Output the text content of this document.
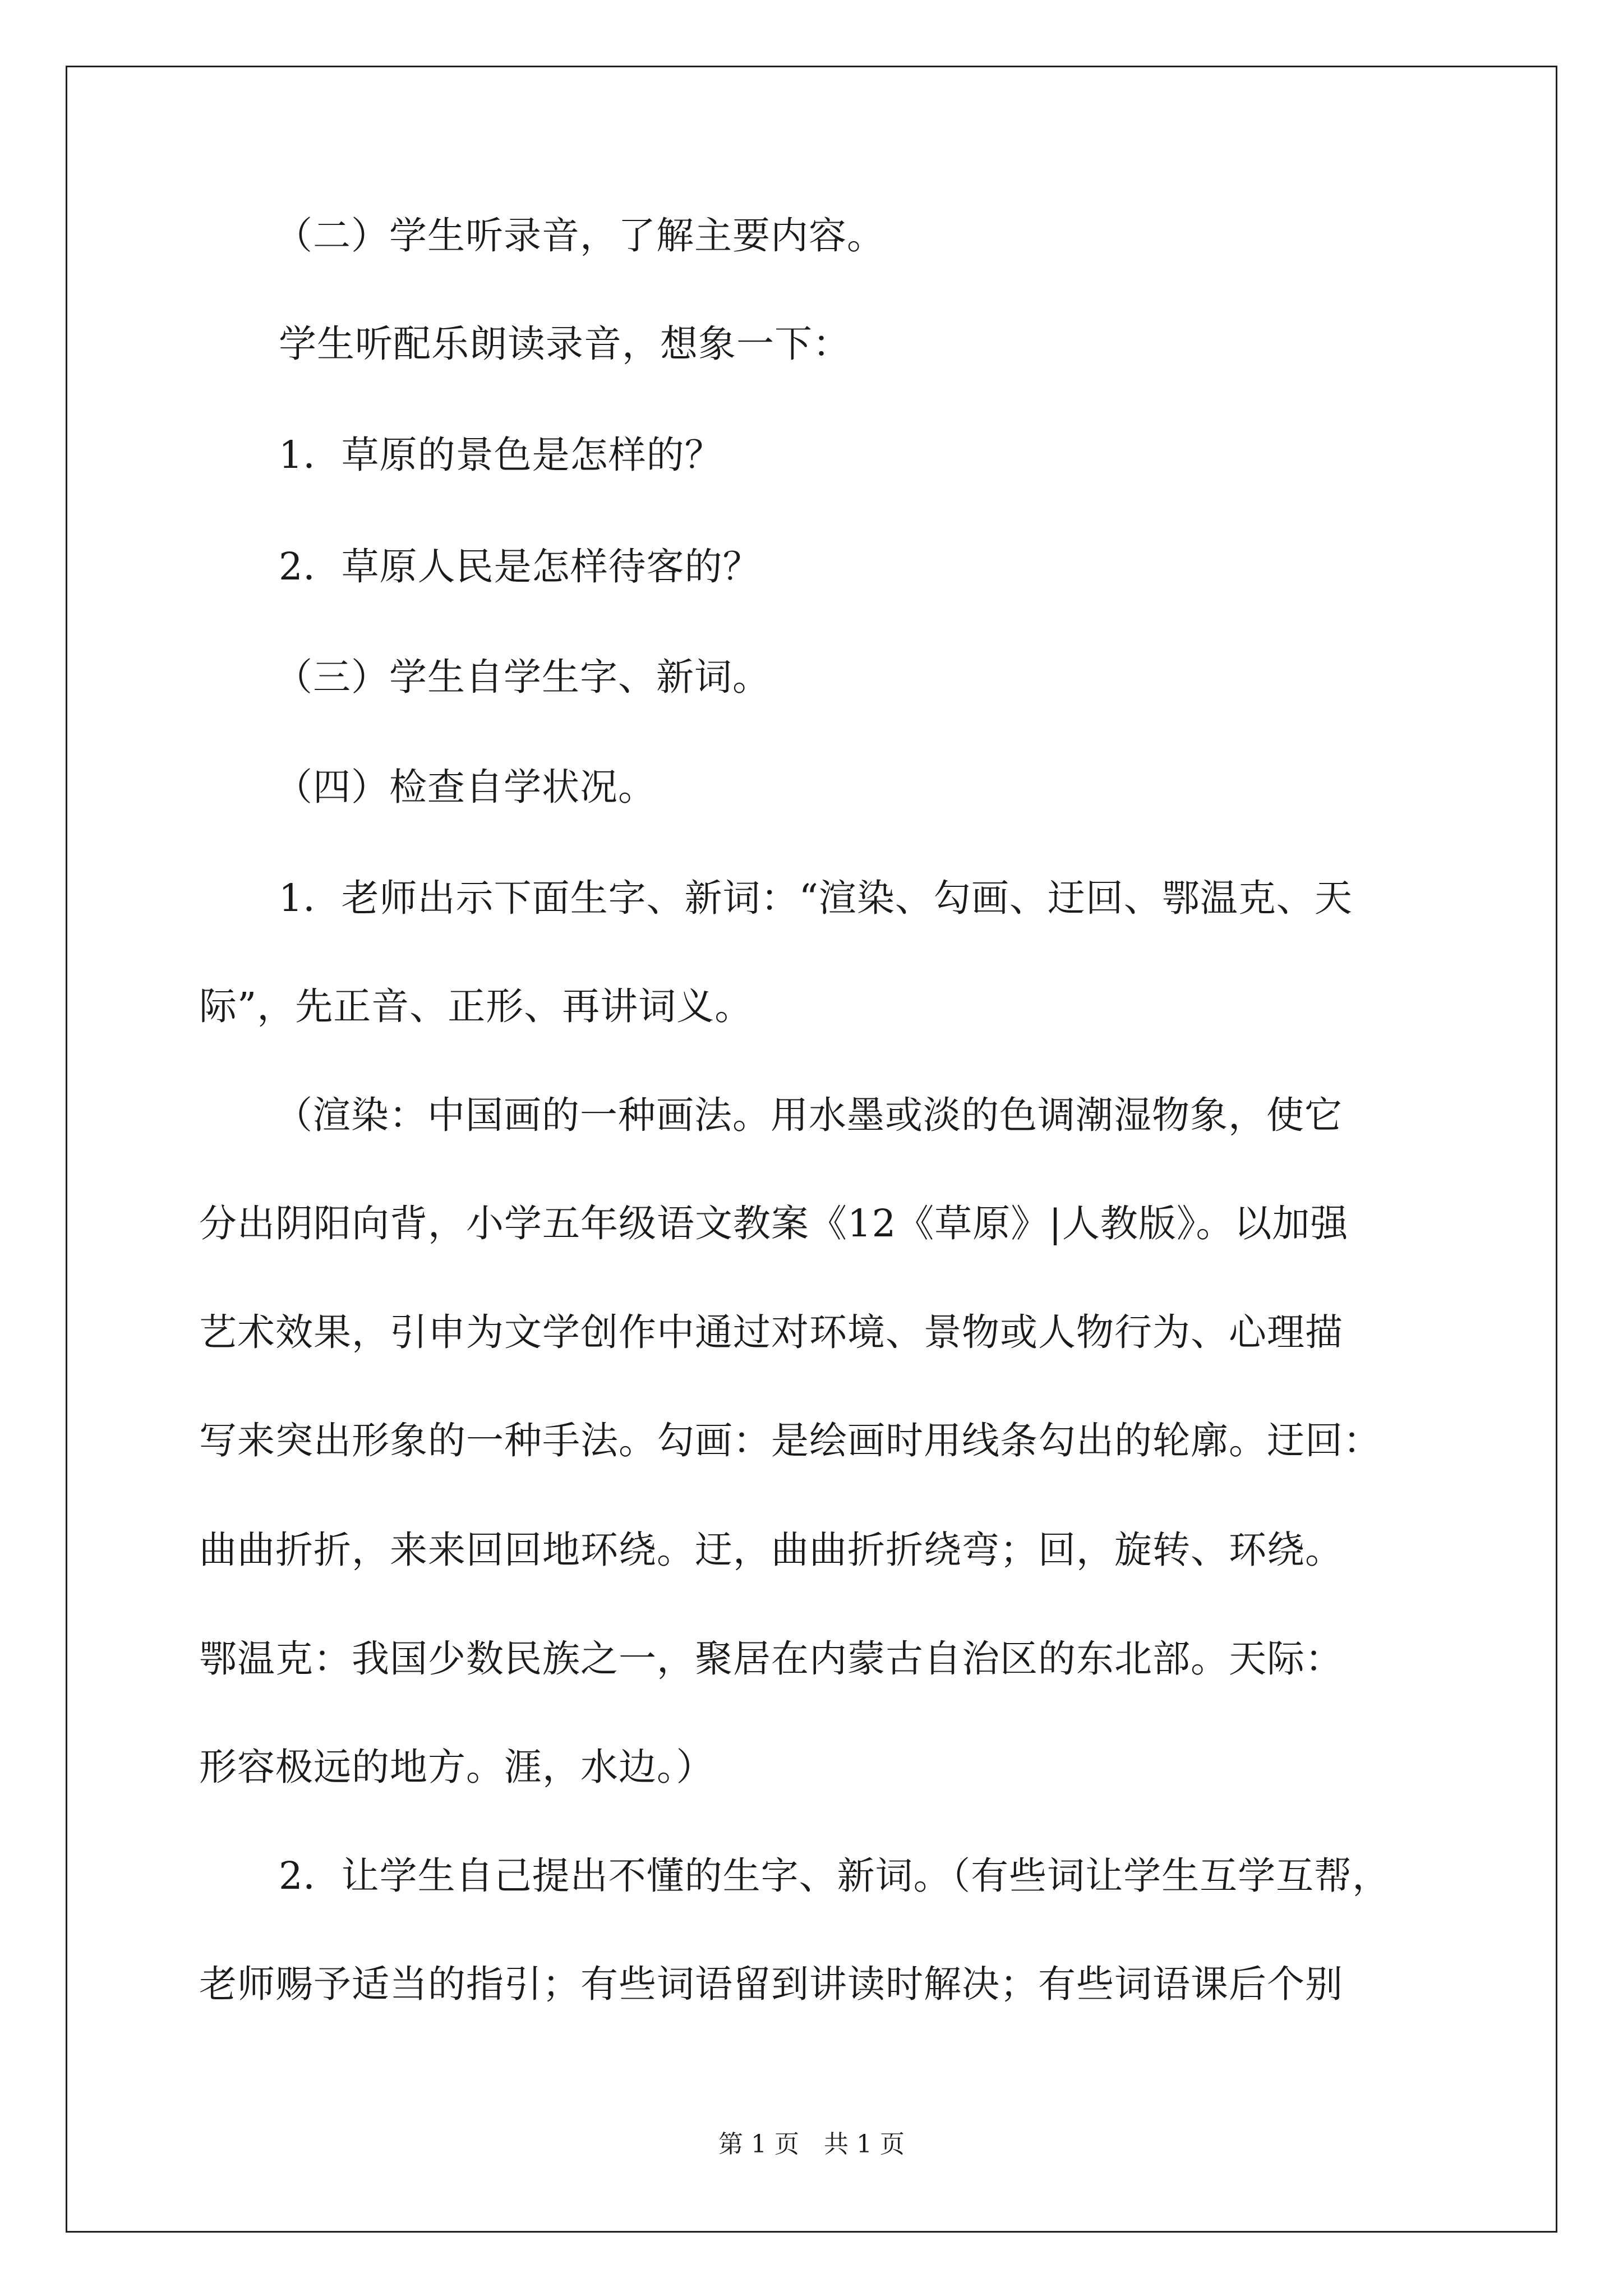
（二）学生听录音，了解主要内容。
学生听配乐朗读录音，想象一下：
1．草原的景色是怎样的？
2．草原人民是怎样待客的？
（三）学生自学生字、新词。
（四）检查自学状况。
1．老师出示下面生字、新词：“渲染、勾画、迂回、鄂温克、天
际”，先正音、正形、再讲词义。
（渲染：中国画的一种画法。用水墨或淡的色调潮湿物象，使它
分出阴阳向背，小学五年级语文教案《12《草原》|人教版》。以加强
艺术效果，引申为文学创作中通过对环境、景物或人物行为、心理描
写来突出形象的一种手法。勾画：是绘画时用线条勾出的轮廓。迂回：
曲曲折折，来来回回地环绕。迂，曲曲折折绕弯；回，旋转、环绕。
鄂温克：我国少数民族之一，聚居在内蒙古自治区的东北部。天际：
形容极远的地方。涯，水边。）
2．让学生自己提出不懂的生字、新词。（有些词让学生互学互帮，
老师赐予适当的指引；有些词语留到讲读时解决；有些词语课后个别
第 1 页　共 1 页
